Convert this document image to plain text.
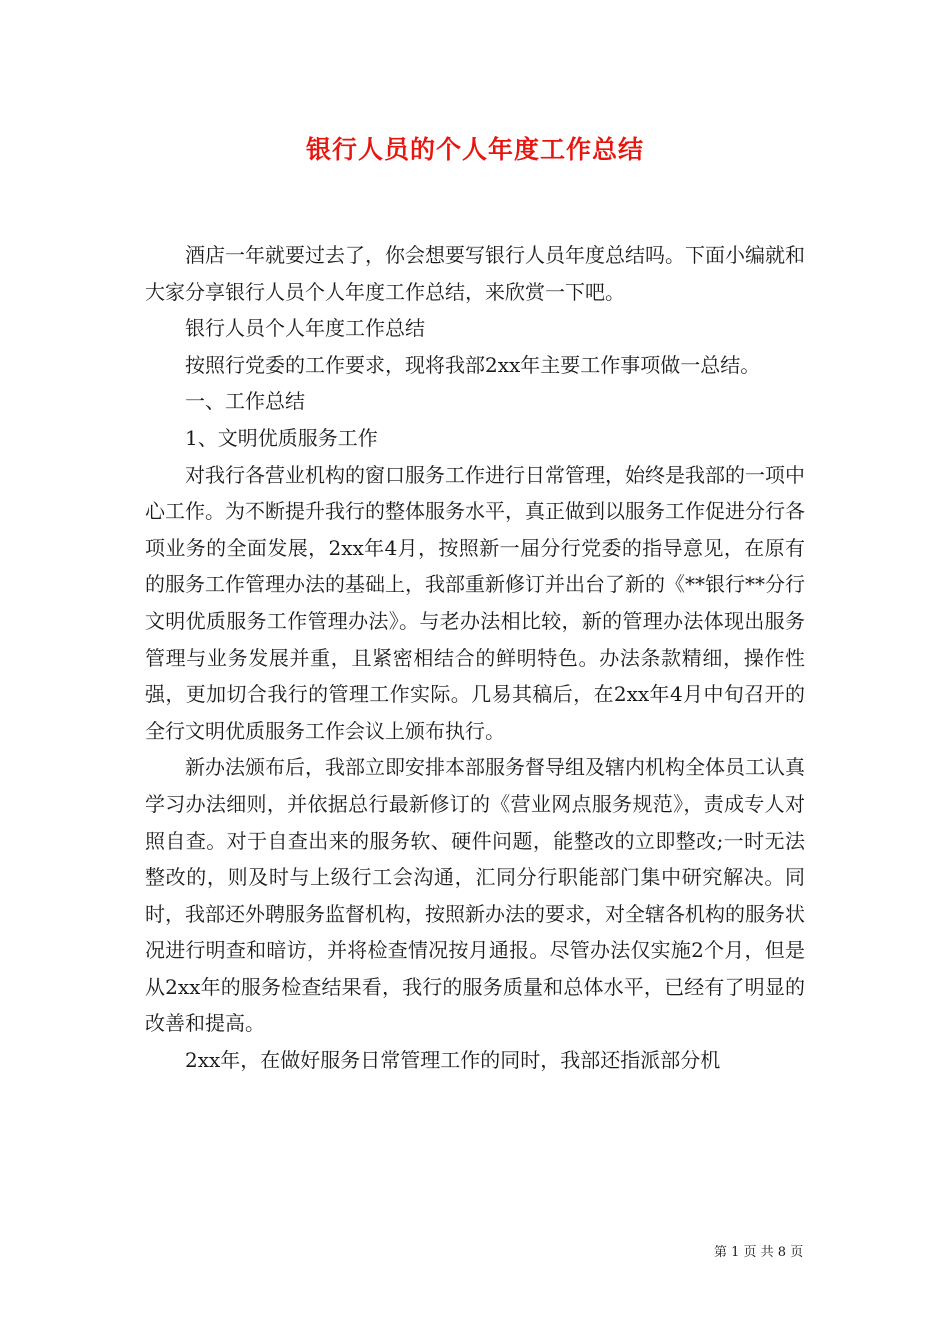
银行人员的个人年度工作总结

酒店一年就要过去了，你会想要写银行人员年度总结吗。下面小编就和大家分享银行人员个人年度工作总结，来欣赏一下吧。

银行人员个人年度工作总结

按照行党委的工作要求，现将我部2xx年主要工作事项做一总结。

一、工作总结

1、文明优质服务工作

对我行各营业机构的窗口服务工作进行日常管理，始终是我部的一项中心工作。为不断提升我行的整体服务水平，真正做到以服务工作促进分行各项业务的全面发展，2xx年4月，按照新一届分行党委的指导意见，在原有的服务工作管理办法的基础上，我部重新修订并出台了新的《**银行**分行文明优质服务工作管理办法》。与老办法相比较，新的管理办法体现出服务管理与业务发展并重，且紧密相结合的鲜明特色。办法条款精细，操作性强，更加切合我行的管理工作实际。几易其稿后，在2xx年4月中旬召开的全行文明优质服务工作会议上颁布执行。

新办法颁布后，我部立即安排本部服务督导组及辖内机构全体员工认真学习办法细则，并依据总行最新修订的《营业网点服务规范》，责成专人对照自查。对于自查出来的服务软、硬件问题，能整改的立即整改;一时无法整改的，则及时与上级行工会沟通，汇同分行职能部门集中研究解决。同时，我部还外聘服务监督机构，按照新办法的要求，对全辖各机构的服务状况进行明查和暗访，并将检查情况按月通报。尽管办法仅实施2个月，但是从2xx年的服务检查结果看，我行的服务质量和总体水平，已经有了明显的改善和提高。

2xx年，在做好服务日常管理工作的同时，我部还指派部分机

第 1 页 共 8 页
